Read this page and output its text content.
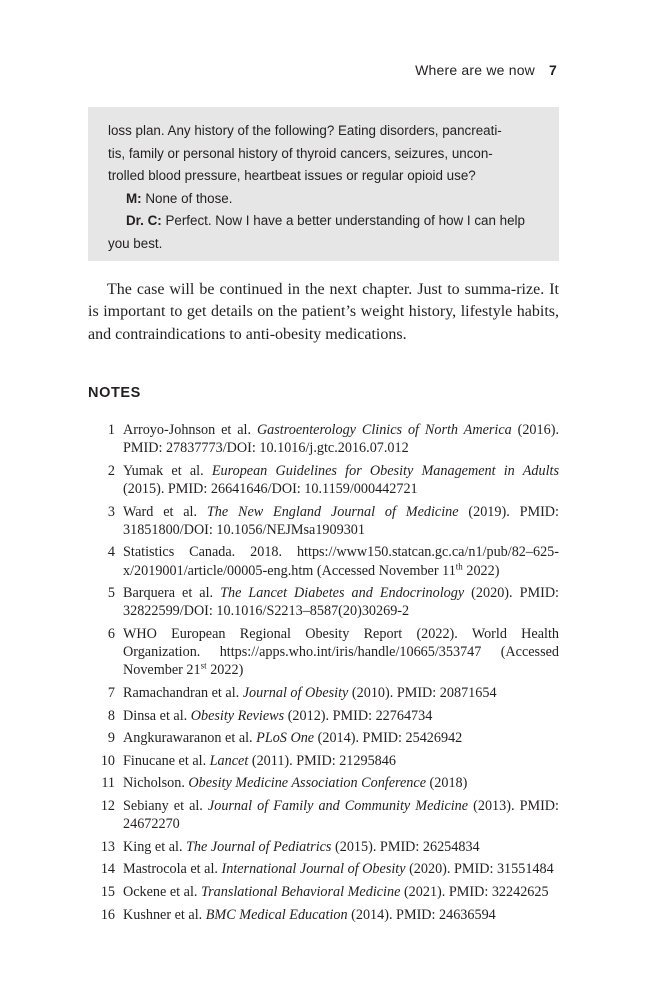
Where are we now 7

loss plan. Any history of the following? Eating disorders, pancreati-
tis, family or personal history of thyroid cancers, seizures, uncon-
trolled blood pressure, heartbeat issues or regular opioid use?

M: None of those.

Dr. C: Perfect. Now I have a better understanding of how I can help you best.

The case will be continued in the next chapter. Just to summa-rize. It is important to get details on the patient’s weight history, lifestyle habits, and contraindications to anti-obesity medications.

NOTES
1 Arroyo-Johnson et al. Gastroenterology Clinics of North America (2016). PMID: 27837773/DOI: 10.1016/j.gtc.2016.07.012
2 Yumak et al. European Guidelines for Obesity Management in Adults (2015). PMID: 26641646/DOI: 10.1159/000442721
3 Ward et al. The New England Journal of Medicine (2019). PMID: 31851800/DOI: 10.1056/NEJMsa1909301
4 Statistics Canada. 2018. https://www150.statcan.gc.ca/n1/pub/82–625-x/2019001/article/00005-eng.htm (Accessed November 11th 2022)
5 Barquera et al. The Lancet Diabetes and Endocrinology (2020). PMID: 32822599/DOI: 10.1016/S2213–8587(20)30269-2
6 WHO European Regional Obesity Report (2022). World Health Organization. https://apps.who.int/iris/handle/10665/353747 (Accessed November 21st 2022)
7 Ramachandran et al. Journal of Obesity (2010). PMID: 20871654
8 Dinsa et al. Obesity Reviews (2012). PMID: 22764734
9 Angkurawaranon et al. PLoS One (2014). PMID: 25426942
10 Finucane et al. Lancet (2011). PMID: 21295846
11 Nicholson. Obesity Medicine Association Conference (2018)
12 Sebiany et al. Journal of Family and Community Medicine (2013). PMID: 24672270
13 King et al. The Journal of Pediatrics (2015). PMID: 26254834
14 Mastrocola et al. International Journal of Obesity (2020). PMID: 31551484
15 Ockene et al. Translational Behavioral Medicine (2021). PMID: 32242625
16 Kushner et al. BMC Medical Education (2014). PMID: 24636594
